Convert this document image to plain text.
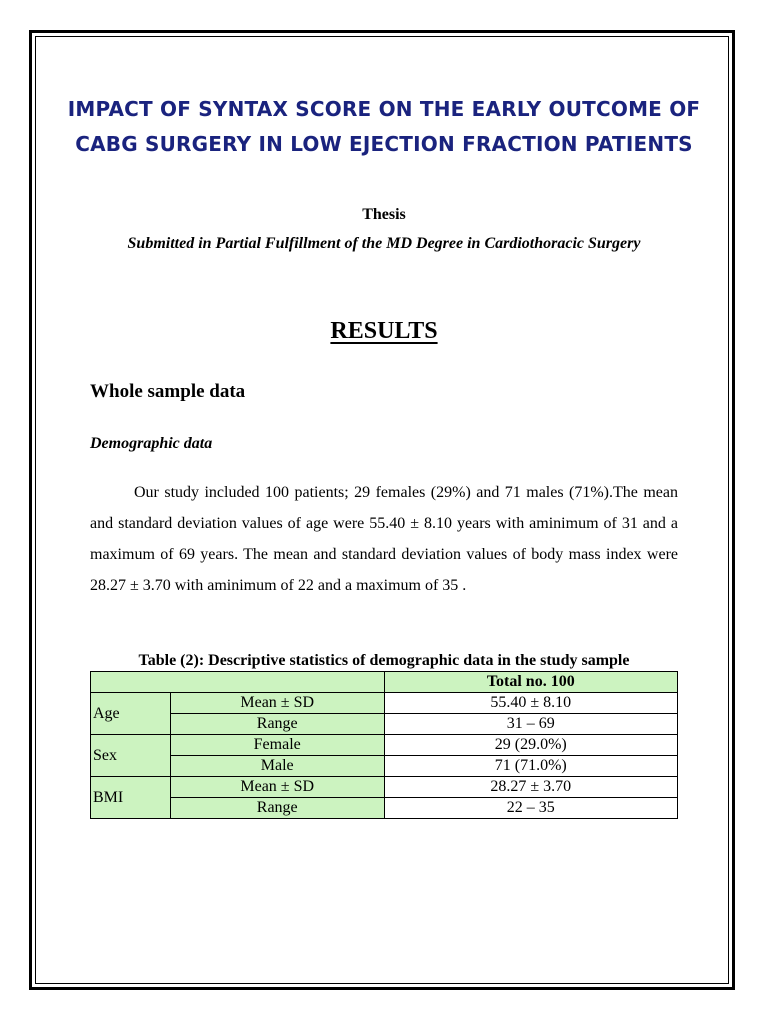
IMPACT OF SYNTAX SCORE ON THE EARLY OUTCOME OF CABG SURGERY IN LOW EJECTION FRACTION PATIENTS
Thesis
Submitted in Partial Fulfillment of the MD Degree in Cardiothoracic Surgery
RESULTS
Whole sample data
Demographic data

Our study included 100 patients; 29 females (29%) and 71 males (71%).The mean and standard deviation values of age were 55.40 ± 8.10 years with aminimum of 31 and a maximum of 69 years. The mean and standard deviation values of body mass index were 28.27 ± 3.70 with aminimum of 22 and a maximum of 35 .

Table (2): Descriptive statistics of demographic data in the study sample
		Total no. 100
Age	Mean ± SD	55.40 ± 8.10
	Range	31 – 69
Sex	Female	29 (29.0%)
	Male	71 (71.0%)
BMI	Mean ± SD	28.27 ± 3.70
	Range	22 – 35
